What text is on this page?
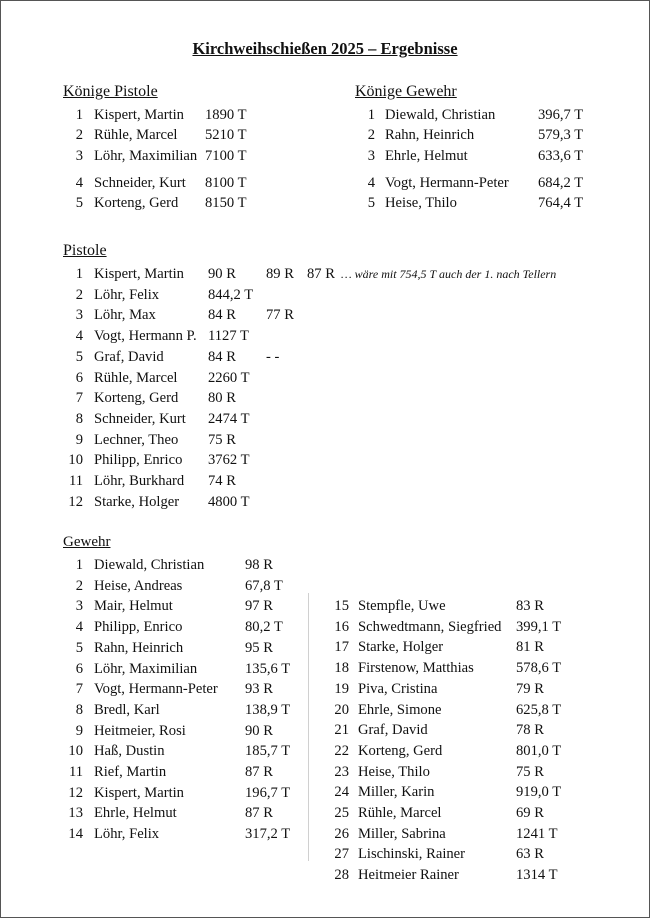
Kirchweihschießen 2025 – Ergebnisse
Könige Pistole	Könige Gewehr
1 Kispert, Martin 1890 T
2 Rühle, Marcel 5210 T
3 Löhr, Maximilian 7100 T
4 Schneider, Kurt 8100 T
5 Korteng, Gerd 8150 T
1 Diewald, Christian	396,7 T
2 Rahn, Heinrich	579,3 T
3 Ehrle, Helmut	633,6 T
4 Vogt, Hermann-Peter 684,2 T
5 Heise, Thilo	764,4 T
Pistole
1 Kispert, Martin 90 R 89 R 87 R … wäre mit 754,5 T auch der 1. nach Tellern
2 Löhr, Felix	844,2 T
3 Löhr, Max	84 R 77 R
4 Vogt, Hermann P. 1127 T
5 Graf, David	84 R - -
6 Rühle, Marcel 2260 T
7 Korteng, Gerd 80 R
8 Schneider, Kurt 2474 T
9 Lechner, Theo 75 R
10 Philipp, Enrico 3762 T
11 Löhr, Burkhard 74 R
12 Starke, Holger 4800 T
Gewehr
1 Diewald, Christian	98 R
2 Heise, Andreas	67,8 T
3 Mair, Helmut	97 R
4 Philipp, Enrico	80,2 T
5 Rahn, Heinrich	95 R
6 Löhr, Maximilian	135,6 T
7 Vogt, Hermann-Peter 93 R
8 Bredl, Karl	138,9 T
9 Heitmeier, Rosi	90 R
10 Haß, Dustin	185,7 T
11 Rief, Martin	87 R
12 Kispert, Martin	196,7 T
13 Ehrle, Helmut	87 R
14 Löhr, Felix	317,2 T
15 Stempfle, Uwe	83 R
16 Schwedtmann, Siegfried 399,1 T
17 Starke, Holger	81 R
18 Firstenow, Matthias	578,6 T
19 Piva, Cristina	79 R
20 Ehrle, Simone	625,8 T
21 Graf, David	78 R
22 Korteng, Gerd	801,0 T
23 Heise, Thilo	75 R
24 Miller, Karin	919,0 T
25 Rühle, Marcel	69 R
26 Miller, Sabrina	1241 T
27 Lischinski, Rainer	63 R
28 Heitmeier Rainer	1314 T
